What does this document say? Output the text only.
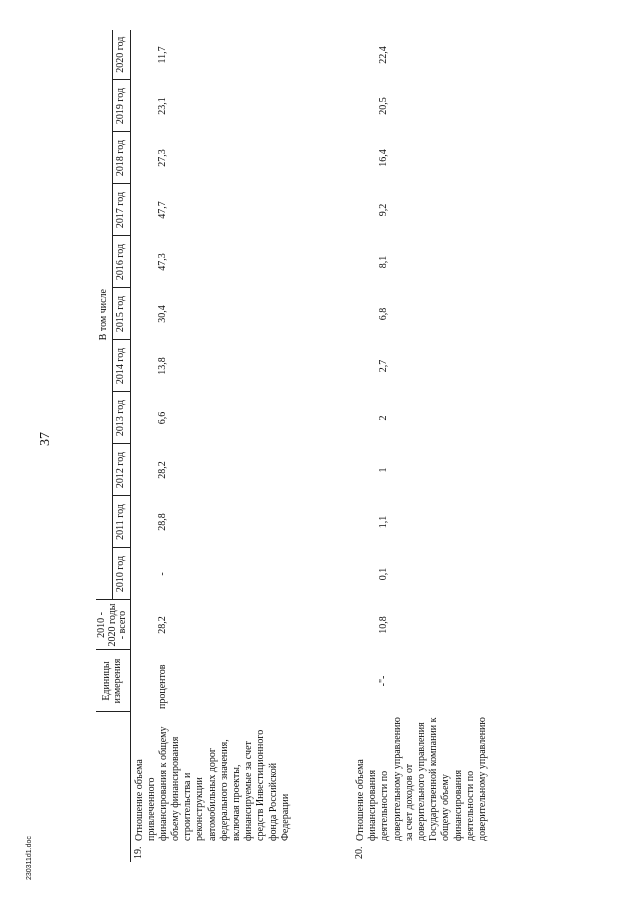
37
		Единицы измерения	2010 - 2020 годы - всего	В том числе										
				2010 год	2011 год	2012 год	2013 год	2014 год	2015 год	2016 год	2017 год	2018 год	2019 год	2020 год
19.	Отношение объема привлеченного финансирования к общему объему финансирования строительства и реконструкции автомобильных дорог федерального значения, включая проекты, финансируемые за счет средств Инвестиционного фонда Российской Федерации	процентов	28,2	-	28,8	28,2	6,6	13,8	30,4	47,3	47,7	27,3	23,1	11,7
20.	Отношение объема финансирования деятельности по доверительному управлению за счет доходов от доверительного управления Государственной компании к общему объему финансирования деятельности по доверительному управлению	-"-	10,8	0,1	1,1	1	2	2,7	6,8	8,1	9,2	16,4	20,5	22,4
230311d1.doc
